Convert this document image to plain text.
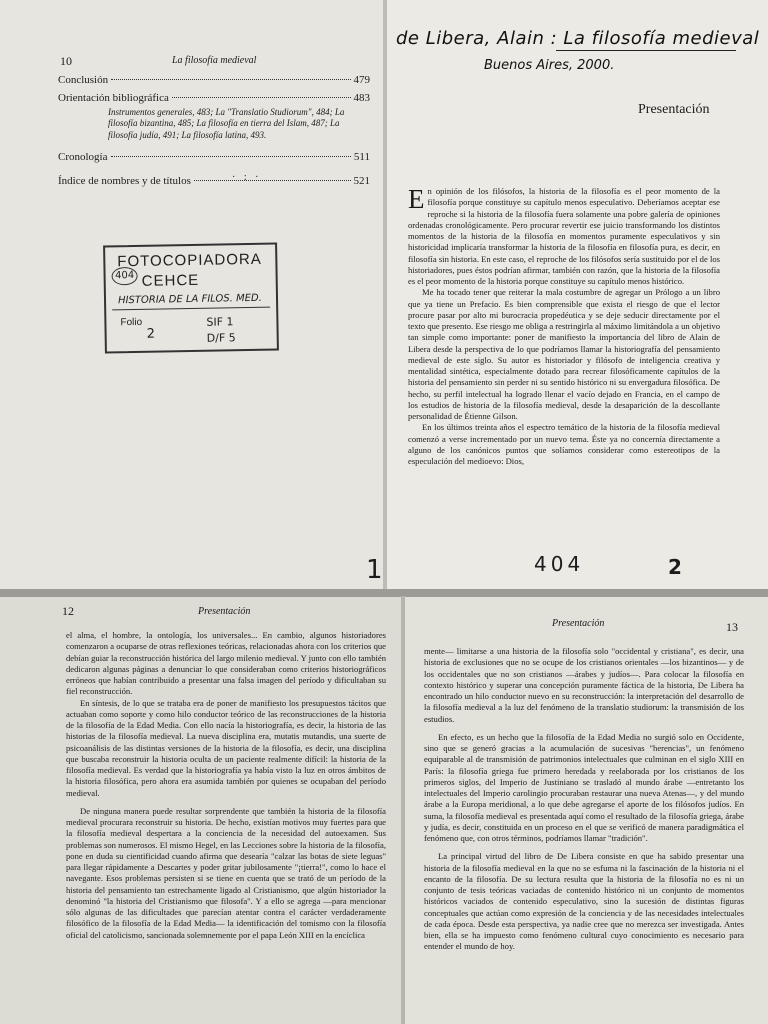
10	La filosofía medieval
Conclusión	479
Orientación bibliográfica	483
Instrumentos generales, 483; La "Translatio Studiorum", 484; La filosofía bizantina, 485; La filosofía en tierra del Islam, 487; La filosofía judía, 491; La filosofía latina, 493.
Cronología	511
Índice de nombres y de títulos	521
· : ·
404
FOTOCOPIADORA
CEHCE
HISTORIA DE LA FILOS. MED.
Folio
2
SIF 1
D/F 5
1
de Libera, Alain : La filosofía medieval
Buenos Aires, 2000.
Presentación

En opinión de los filósofos, la historia de la filosofía es el peor momento de la filosofía porque constituye su capítulo menos especulativo. Deberíamos aceptar ese reproche si la historia de la filosofía fuera solamente una pobre galería de opiniones ordenadas cronológicamente. Pero procurar revertir ese juicio transformando los distintos momentos de la historia de la filosofía en momentos puramente especulativos y sin historicidad implicaría transformar la historia de la filosofía en filosofía pura, es decir, en filosofía sin historia. En este caso, el reproche de los filósofos sería sustituido por el de los historiadores, pues éstos podrían afirmar, también con razón, que la historia de la filosofía es el peor momento de la historia porque constituye su capítulo menos histórico.

Me ha tocado tener que reiterar la mala costumbre de agregar un Prólogo a un libro que ya tiene un Prefacio. Es bien comprensible que exista el riesgo de que el lector procure pasar por alto mi burocracia propedéutica y se deje seducir directamente por el texto que presento. Ese riesgo me obliga a restringirla al máximo limitándola a un objetivo tan simple como importante: poner de manifiesto la importancia del libro de Alain de Libera desde la perspectiva de lo que podríamos llamar la historiografía del pensamiento medieval de este siglo. Su autor es historiador y filósofo de inteligencia creativa y mentalidad sintética, especialmente dotado para recrear filosóficamente capítulos de la historia del pensamiento sin perder ni su sentido histórico ni su envergadura filosófica. De hecho, su perfil intelectual ha logrado llenar el vacío dejado en Francia, en el campo de los estudios de historia de la filosofía medieval, desde la desaparición de la descollante personalidad de Étienne Gilson.

En los últimos treinta años el espectro temático de la historia de la filosofía medieval comenzó a verse incrementado por un nuevo tema. Éste ya no concernía directamente a alguno de los canónicos puntos que solíamos considerar como estereotipos de la especulación del medioevo: Dios,

404	2
12	Presentación

el alma, el hombre, la ontología, los universales... En cambio, algunos historiadores comenzaron a ocuparse de otras reflexiones teóricas, relacionadas ahora con los criterios que debían guiar la reconstrucción histórica del largo milenio medieval. Y junto con ello también dedicaron algunas páginas a denunciar lo que consideraban como criterios historiográficos erróneos que habían contribuido a presentar una falsa imagen del período y dificultaban su fiel reconstrucción.

En síntesis, de lo que se trataba era de poner de manifiesto los presupuestos tácitos que actuaban como soporte y como hilo conductor teórico de las reconstrucciones de la historia de la filosofía de la Edad Media. Con ello nacía la historiografía, es decir, la historia de las historias de la filosofía medieval. La nueva disciplina era, mutatis mutandis, una suerte de psicoanálisis de las distintas versiones de la historia de la filosofía, es decir, una disciplina que buscaba reconstruir la historia oculta de un paciente realmente difícil: la historia de la filosofía medieval. Es verdad que la historiografía ya había visto la luz en otros ámbitos de la historia filosófica, pero ahora era asumida también por quienes se ocupaban del período medieval.

De ninguna manera puede resultar sorprendente que también la historia de la filosofía medieval procurara reconstruir su historia. De hecho, existían motivos muy fuertes para que la filosofía medieval despertara a la conciencia de la necesidad del autoexamen. Sus problemas son numerosos. El mismo Hegel, en las Lecciones sobre la historia de la filosofía, pone en duda su cientificidad cuando afirma que desearía "calzar las botas de siete leguas" para llegar rápidamente a Descartes y poder gritar jubilosamente "¡tierra!", como lo hace el navegante. Esos problemas persisten si se tiene en cuenta que se trató de un período de la historia del pensamiento tan estrechamente ligado al Cristianismo, que algún historiador la denominó "la historia del Cristianismo que filosofa". Y a ello se agrega —para mencionar sólo algunas de las dificultades que parecían atentar contra el carácter verdaderamente filosófico de la filosofía de la Edad Media— la identificación del tomismo con la filosofía oficial del catolicismo, sancionada solemnemente por el papa León XIII en la encíclica

Presentación	13

mente— limitarse a una historia de la filosofía solo "occidental y cristiana", es decir, una historia de exclusiones que no se ocupe de los cristianos orientales —los bizantinos— y de los occidentales que no son cristianos —árabes y judíos—. Para colocar la filosofía en contexto histórico y superar una concepción puramente fáctica de la historia, De Libera ha encontrado un hilo conductor nuevo en su reconstrucción: la interpretación del desarrollo de la filosofía medieval a la luz del fenómeno de la translatio studiorum: la transmisión de los estudios.

En efecto, es un hecho que la filosofía de la Edad Media no surgió solo en Occidente, sino que se generó gracias a la acumulación de sucesivas "herencias", un fenómeno equiparable al de transmisión de patrimonios intelectuales que culminan en el siglo XIII en París: la filosofía griega fue primero heredada y reelaborada por los cristianos de los primeros siglos, del Imperio de Justiniano se trasladó al mundo árabe —entretanto los intelectuales del Imperio carolingio procuraban restaurar una nueva Atenas—, y del mundo árabe a la Europa meridional, a lo que debe agregarse el aporte de los filósofos judíos. En suma, la filosofía medieval es presentada aquí como el resultado de la filosofía griega, árabe y judía, es decir, constituida en un proceso en el que se verificó de manera paradigmática el fenómeno que, con otros términos, podríamos llamar "tradición".

La principal virtud del libro de De Libera consiste en que ha sabido presentar una historia de la filosofía medieval en la que no se esfuma ni la fascinación de la historia ni el encanto de la filosofía. De su lectura resulta que la historia de la filosofía no es ni un conjunto de tesis teóricas vaciadas de contenido histórico ni un conjunto de momentos históricos vaciados de contenido especulativo, sino la sucesión de distintas figuras conceptuales que actúan como expresión de la conciencia y de las necesidades intelectuales de cada época. Desde esta perspectiva, ya nadie cree que no merezca ser investigada. Antes bien, ella se ha impuesto como fenómeno cultural cuyo conocimiento es necesario para entender el mundo de hoy.
